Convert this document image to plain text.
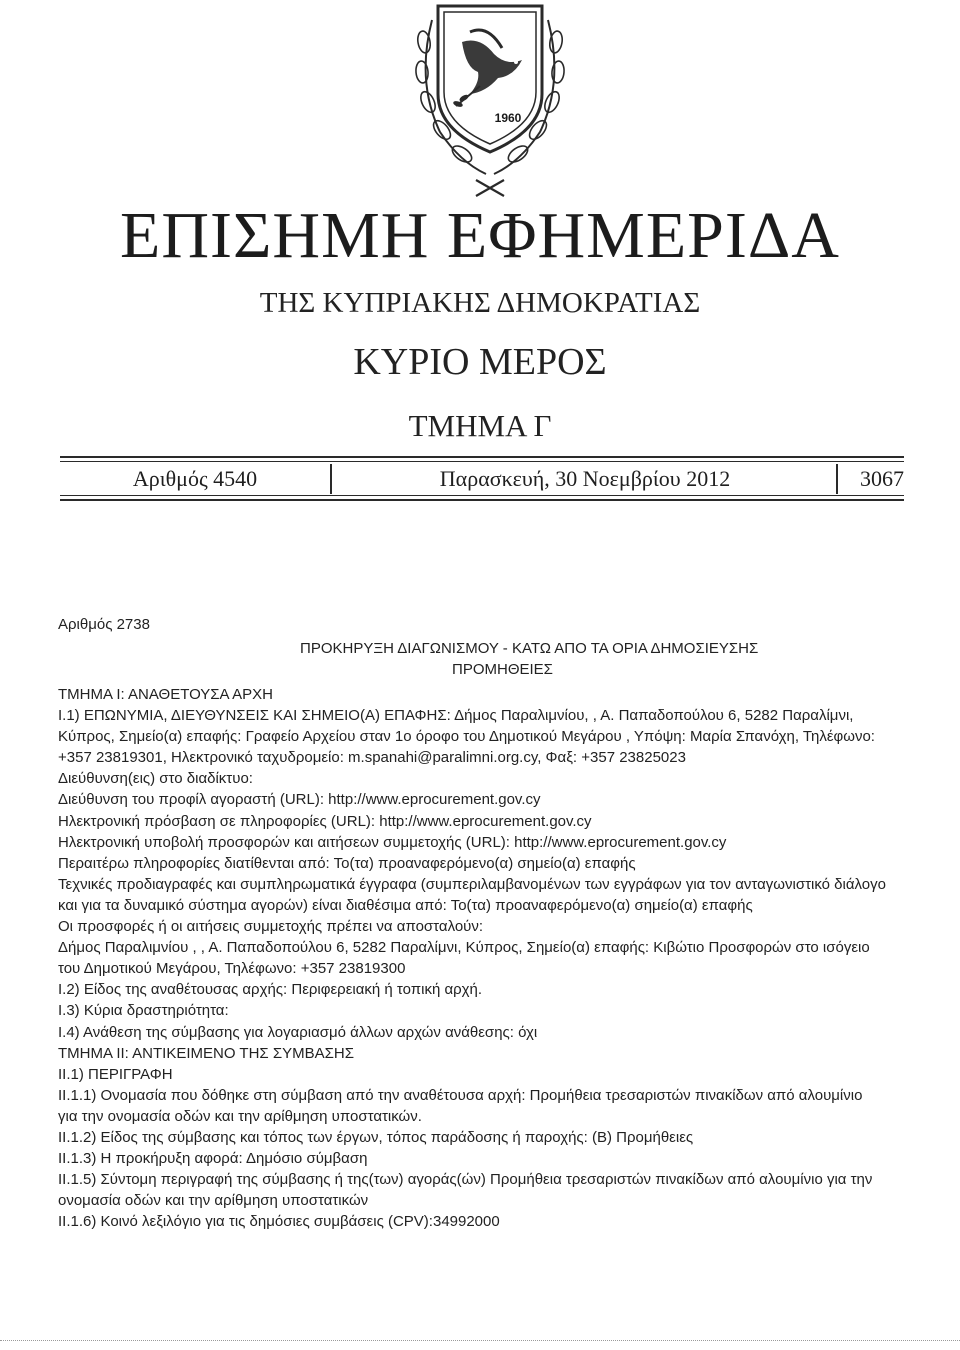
1960
ΕΠΙΣΗΜΗ ΕΦΗΜΕΡΙΔΑ
ΤΗΣ ΚΥΠΡΙΑΚΗΣ ΔΗΜΟΚΡΑΤΙΑΣ
ΚΥΡΙΟ ΜΕΡΟΣ
ΤΜΗΜΑ Γ
Αριθμός 4540	Παρασκευή, 30 Νοεμβρίου 2012	3067
Αριθμός 2738
ΠΡΟΚΗΡΥΞΗ ΔΙΑΓΩΝΙΣΜΟΥ - ΚΑΤΩ ΑΠΟ ΤΑ ΟΡΙΑ ΔΗΜΟΣΙΕΥΣΗΣ
ΠΡΟΜΗΘΕΙΕΣ
ΤΜΗΜΑ Ι: ΑΝΑΘΕΤΟΥΣΑ ΑΡΧΗ
Ι.1) ΕΠΩΝΥΜΙΑ, ΔΙΕΥΘΥΝΣΕΙΣ ΚΑΙ ΣΗΜΕΙΟ(Α) ΕΠΑΦΗΣ: Δήμος Παραλιμνίου, , Α. Παπαδοπούλου 6, 5282 Παραλίμνι,
Κύπρος, Σημείο(α) επαφής: Γραφείο Αρχείου σταν 1ο όροφο του Δημοτικού Μεγάρου , Υπόψη: Μαρία Σπανόχη, Τηλέφωνο:
+357 23819301, Ηλεκτρονικό ταχυδρομείο: m.spanahi@paralimni.org.cy, Φαξ: +357 23825023
Διεύθυνση(εις) στο διαδίκτυο:
Διεύθυνση του προφίλ αγοραστή (URL): http://www.eprocurement.gov.cy
Ηλεκτρονική πρόσβαση σε πληροφορίες (URL): http://www.eprocurement.gov.cy
Ηλεκτρονική υποβολή προσφορών και αιτήσεων συμμετοχής (URL): http://www.eprocurement.gov.cy
Περαιτέρω πληροφορίες διατίθενται από: Το(τα) προαναφερόμενο(α) σημείο(α) επαφής
Τεχνικές προδιαγραφές και συμπληρωματικά έγγραφα (συμπεριλαμβανομένων των εγγράφων για τον ανταγωνιστικό διάλογο
και για τα δυναμικό σύστημα αγορών) είναι διαθέσιμα από: Το(τα) προαναφερόμενο(α) σημείο(α) επαφής
Οι προσφορές ή οι αιτήσεις συμμετοχής πρέπει να αποσταλούν:
Δήμος Παραλιμνίου , , Α. Παπαδοπούλου 6, 5282 Παραλίμνι, Κύπρος, Σημείο(α) επαφής: Κιβώτιο Προσφορών στο ισόγειο
του Δημοτικού Μεγάρου, Τηλέφωνο: +357 23819300
Ι.2) Είδος της αναθέτουσας αρχής: Περιφερειακή ή τοπική αρχή.
Ι.3) Κύρια δραστηριότητα:
Ι.4) Ανάθεση της σύμβασης για λογαριασμό άλλων αρχών ανάθεσης: όχι
ΤΜΗΜΑ ΙΙ: ΑΝΤΙΚΕΙΜΕΝΟ ΤΗΣ ΣΥΜΒΑΣΗΣ
ΙΙ.1) ΠΕΡΙΓΡΑΦΗ
ΙΙ.1.1) Ονομασία που δόθηκε στη σύμβαση από την αναθέτουσα αρχή: Προμήθεια τρεσαριστών πινακίδων από αλουμίνιο
για την ονομασία οδών και την αρίθμηση υποστατικών.
ΙΙ.1.2) Είδος της σύμβασης και τόπος των έργων, τόπος παράδοσης ή παροχής: (Β) Προμήθειες
ΙΙ.1.3) Η προκήρυξη αφορά: Δημόσιο σύμβαση
ΙΙ.1.5) Σύντομη περιγραφή της σύμβασης ή της(των) αγοράς(ών) Προμήθεια τρεσαριστών πινακίδων από αλουμίνιο για την
ονομασία οδών και την αρίθμηση υποστατικών
ΙΙ.1.6) Κοινό λεξιλόγιο για τις δημόσιες συμβάσεις (CPV):34992000
